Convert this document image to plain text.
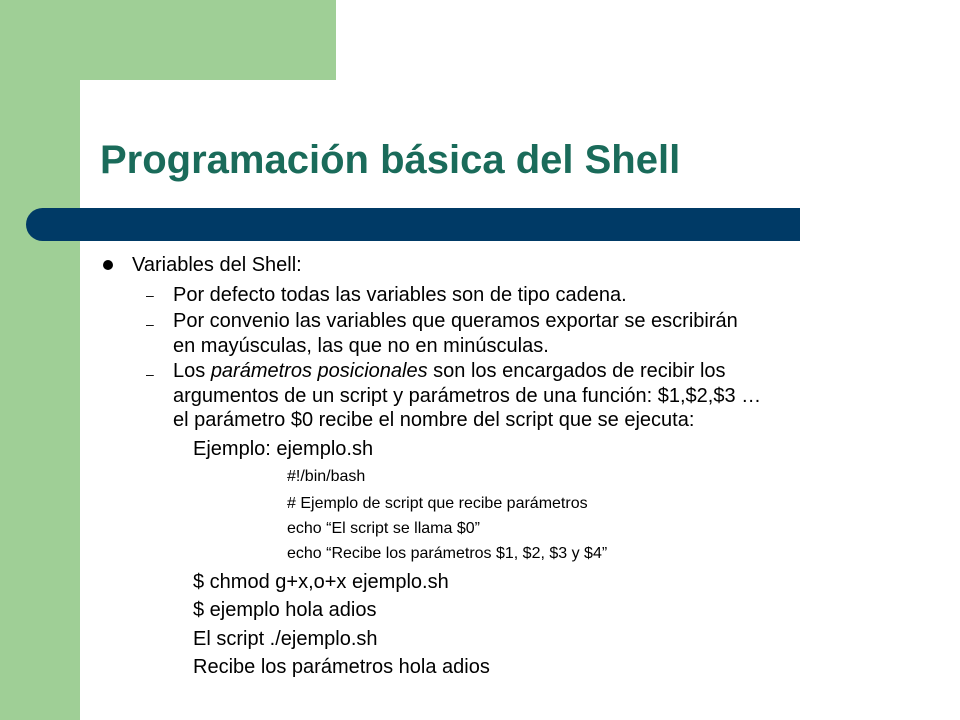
Programación básica del Shell
Variables del Shell:
– Por defecto todas las variables son de tipo cadena.
– Por convenio las variables que queramos exportar se escribirán
en mayúsculas, las que no en minúsculas.
– Los parámetros posicionales son los encargados de recibir los
argumentos de un script y parámetros de una función: $1,$2,$3 …
el parámetro $0 recibe el nombre del script que se ejecuta:
Ejemplo: ejemplo.sh
#!/bin/bash
# Ejemplo de script que recibe parámetros
echo “El script se llama $0”
echo “Recibe los parámetros $1, $2, $3 y $4”
$ chmod g+x,o+x ejemplo.sh
$ ejemplo hola adios
El script ./ejemplo.sh
Recibe los parámetros hola adios
